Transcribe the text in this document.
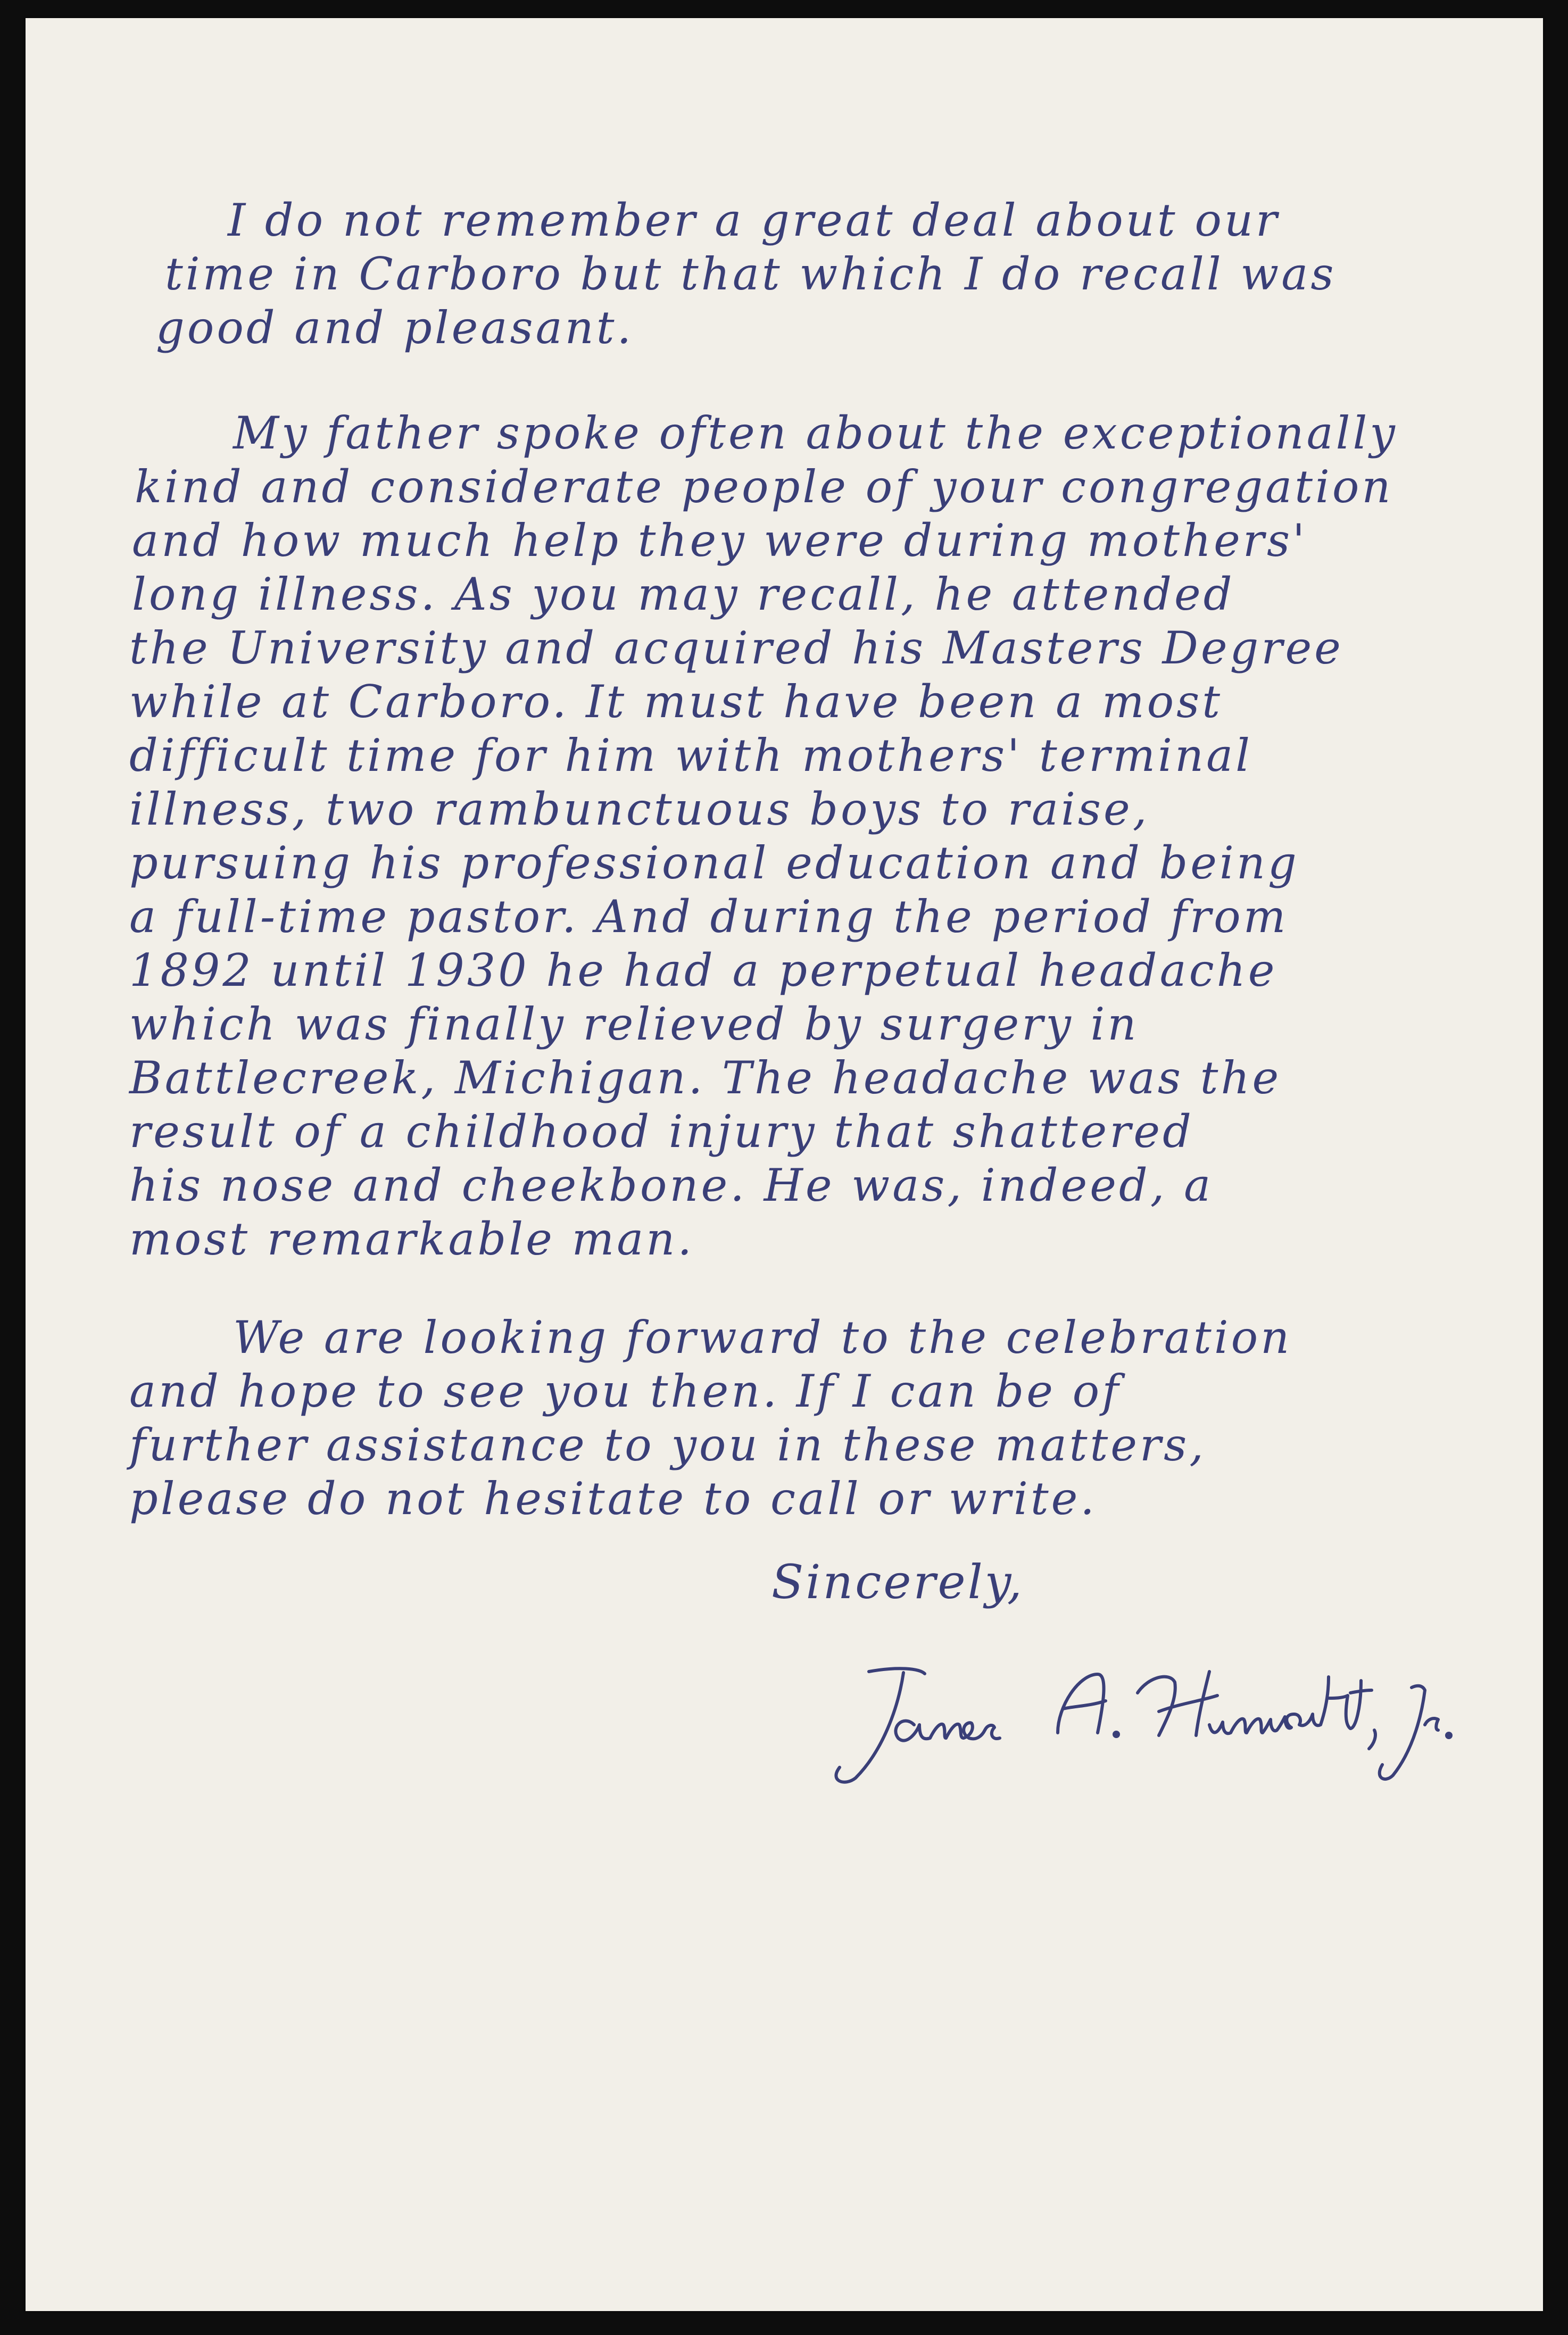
I do not remember a great deal about our

time in Carboro but that which I do recall was

good and pleasant.

My father spoke often about the exceptionally

kind and considerate people of your congregation

and how much help they were during mothers'

long illness. As you may recall, he attended

the University and acquired his Masters Degree

while at Carboro. It must have been a most

difficult time for him with mothers' terminal

illness, two rambunctuous boys to raise,

pursuing his professional education and being

a full-time pastor. And during the period from

1892 until 1930 he had a perpetual headache

which was finally relieved by surgery in

Battlecreek, Michigan. The headache was the

result of a childhood injury that shattered

his nose and cheekbone. He was, indeed, a

most remarkable man.

We are looking forward to the celebration

and hope to see you then. If I can be of

further assistance to you in these matters,

please do not hesitate to call or write.

Sincerely,
